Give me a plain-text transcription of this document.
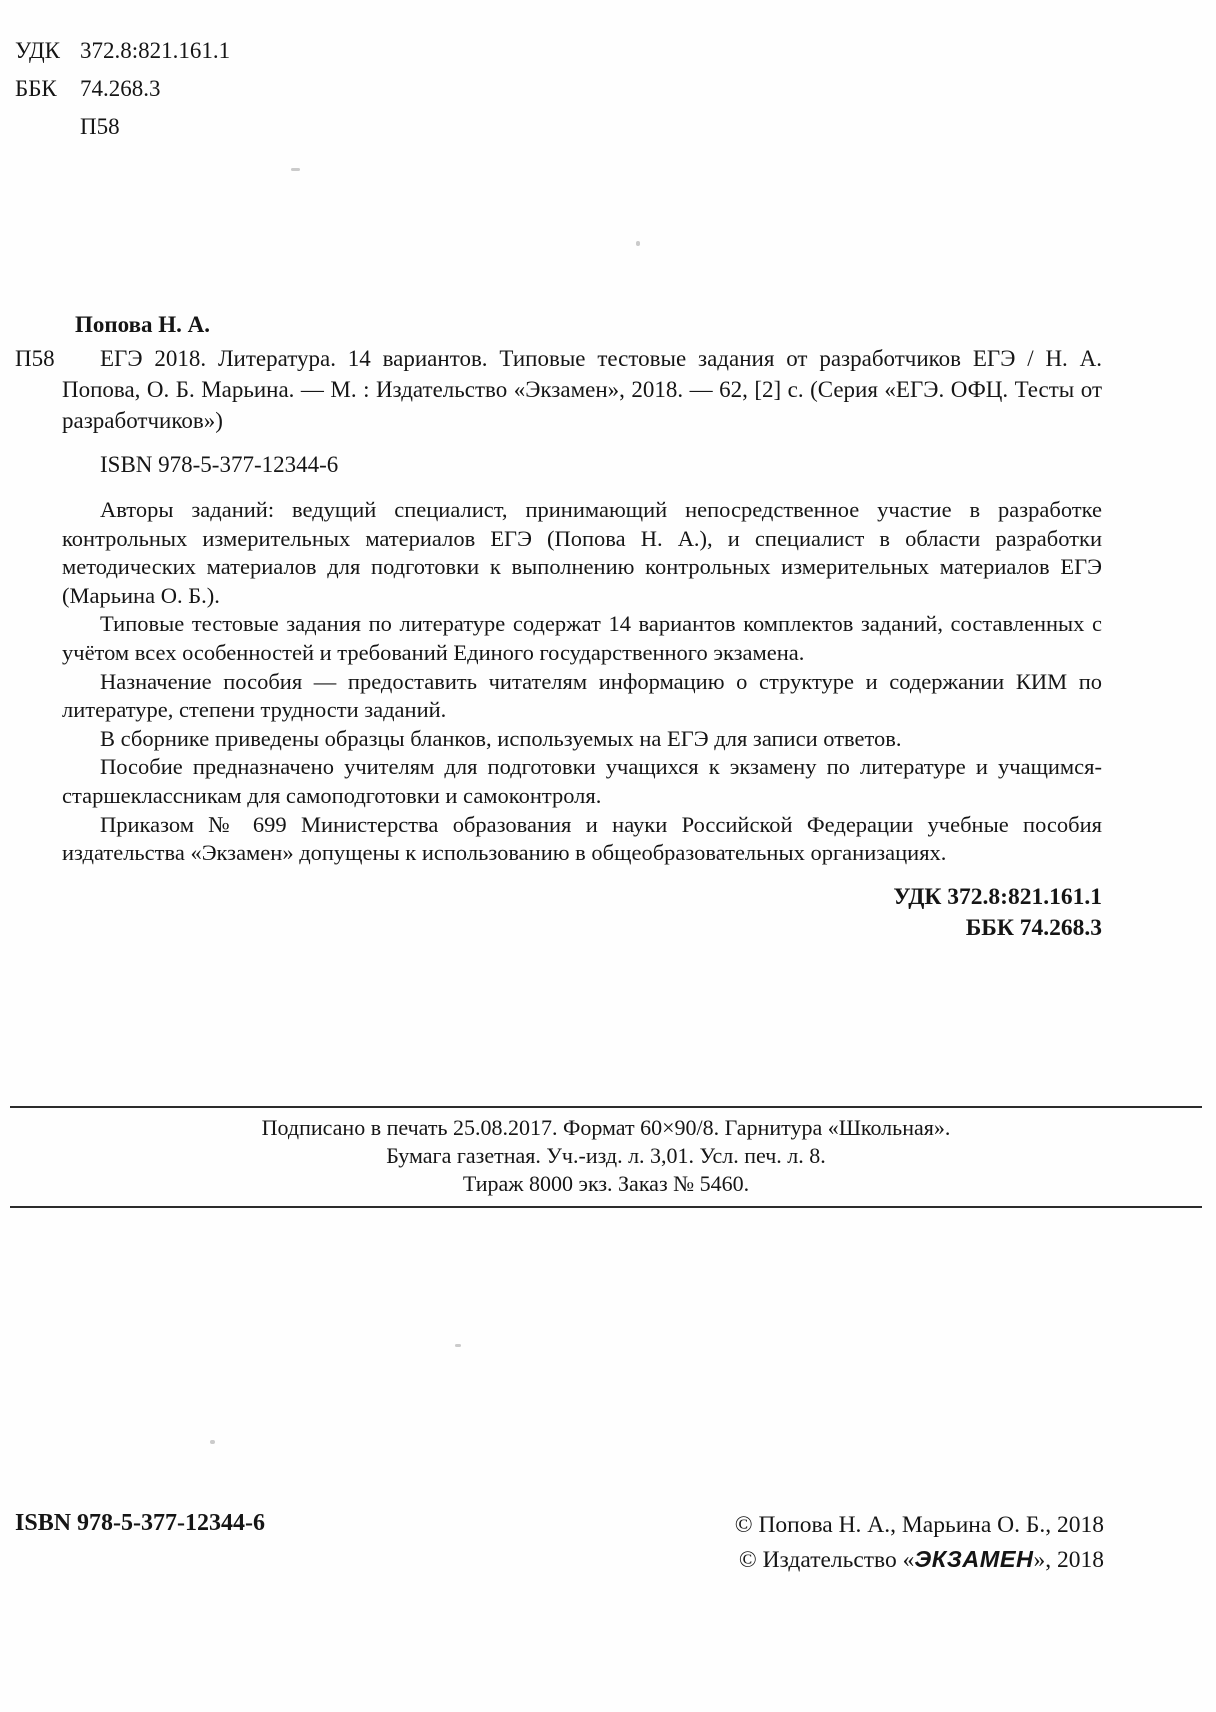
УДК 372.8:821.161.1
ББК	74.268.3
П58
Попова Н. А.

П58 ЕГЭ 2018. Литература. 14 вариантов. Типовые тестовые задания от разработчиков ЕГЭ / Н. А. Попова, О. Б. Марьина. — М. : Издательство «Экзамен», 2018. — 62, [2] с. (Серия «ЕГЭ. ОФЦ. Тесты от разработчиков»)

ISBN 978-5-377-12344-6

Авторы заданий: ведущий специалист, принимающий непосредственное участие в разработке контрольных измерительных материалов ЕГЭ (Попова Н. А.), и специалист в области разработки методических материалов для подготовки к выполнению контрольных измерительных материалов ЕГЭ (Марьина О. Б.).

Типовые тестовые задания по литературе содержат 14 вариантов комплектов заданий, составленных с учётом всех особенностей и требований Единого государственного экзамена.

Назначение пособия — предоставить читателям информацию о структуре и содержании КИМ по литературе, степени трудности заданий.

В сборнике приведены образцы бланков, используемых на ЕГЭ для записи ответов.

Пособие предназначено учителям для подготовки учащихся к экзамену по литературе и учащимся-старшеклассникам для самоподготовки и самоконтроля.

Приказом № 699 Министерства образования и науки Российской Федерации учебные пособия издательства «Экзамен» допущены к использованию в общеобразовательных организациях.

УДК 372.8:821.161.1
ББК 74.268.3
Подписано в печать 25.08.2017. Формат 60×90/8. Гарнитура «Школьная».
Бумага газетная. Уч.-изд. л. 3,01. Усл. печ. л. 8.
Тираж 8000 экз. Заказ № 5460.
ISBN 978-5-377-12344-6	© Попова Н. А., Марьина О. Б., 2018
© Издательство «ЭКЗАМЕН», 2018
